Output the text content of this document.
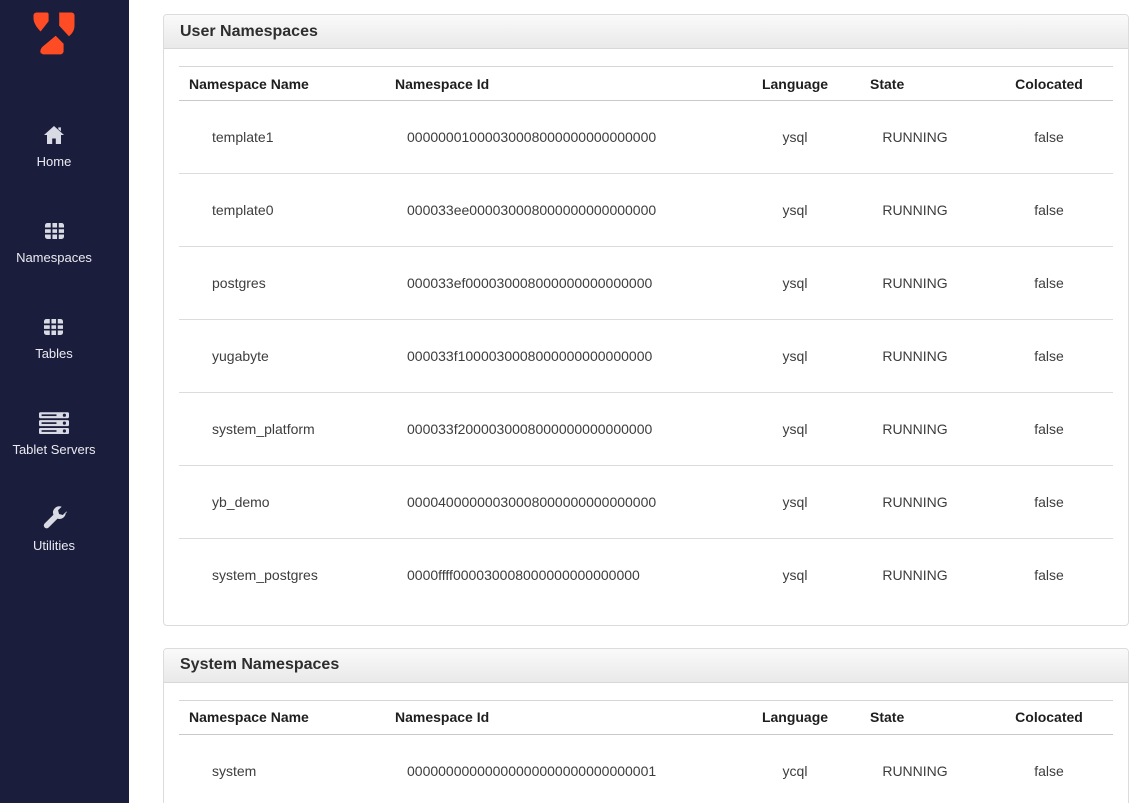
Home
Namespaces
Tables
Tablet Servers
Utilities
User Namespaces
Namespace Name	Namespace Id	Language	State	Colocated
template1	00000001000030008000000000000000	ysql	RUNNING	false
template0	000033ee000030008000000000000000	ysql	RUNNING	false
postgres	000033ef000030008000000000000000	ysql	RUNNING	false
yugabyte	000033f1000030008000000000000000	ysql	RUNNING	false
system_platform	000033f2000030008000000000000000	ysql	RUNNING	false
yb_demo	00004000000030008000000000000000	ysql	RUNNING	false
system_postgres	0000ffff000030008000000000000000	ysql	RUNNING	false
System Namespaces
Namespace Name	Namespace Id	Language	State	Colocated
system	00000000000000000000000000000001	ycql	RUNNING	false
